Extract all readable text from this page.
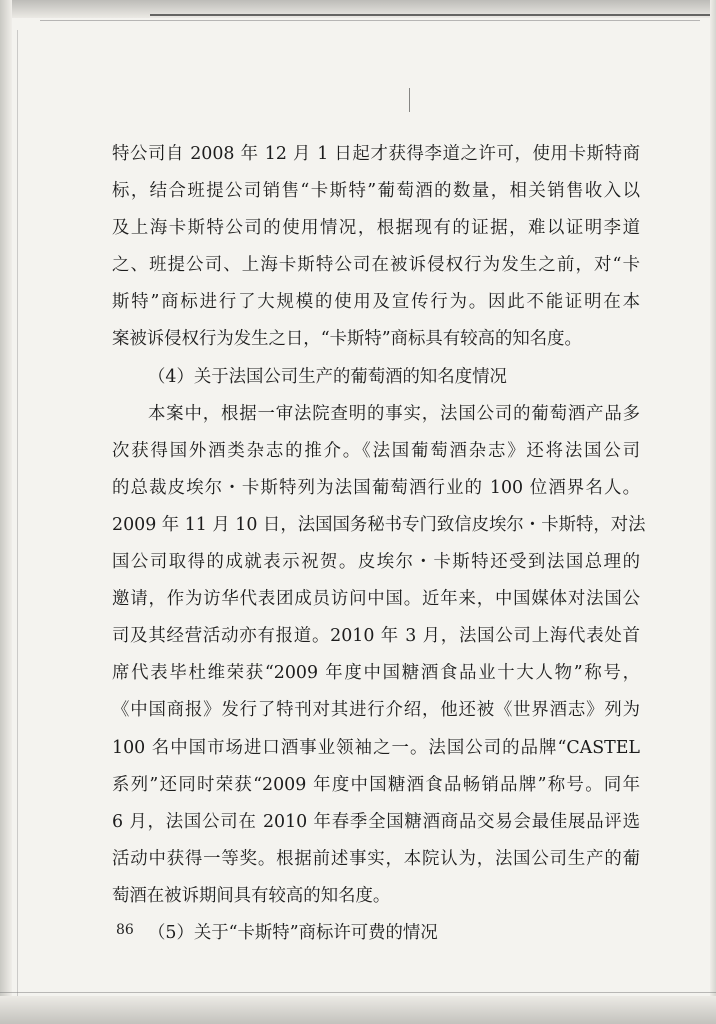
特公司自 2008 年 12 月 1 日起才获得李道之许可，使用卡斯特商
标，结合班提公司销售“卡斯特”葡萄酒的数量，相关销售收入以
及上海卡斯特公司的使用情况，根据现有的证据，难以证明李道
之、班提公司、上海卡斯特公司在被诉侵权行为发生之前，对“卡
斯特”商标进行了大规模的使用及宣传行为。因此不能证明在本
案被诉侵权行为发生之日，“卡斯特”商标具有较高的知名度。
（4）关于法国公司生产的葡萄酒的知名度情况
本案中，根据一审法院查明的事实，法国公司的葡萄酒产品多
次获得国外酒类杂志的推介。《法国葡萄酒杂志》还将法国公司
的总裁皮埃尔・卡斯特列为法国葡萄酒行业的 100 位酒界名人。
2009 年 11 月 10 日，法国国务秘书专门致信皮埃尔・卡斯特，对法
国公司取得的成就表示祝贺。皮埃尔・卡斯特还受到法国总理的
邀请，作为访华代表团成员访问中国。近年来，中国媒体对法国公
司及其经营活动亦有报道。2010 年 3 月，法国公司上海代表处首
席代表毕杜维荣获“2009 年度中国糖酒食品业十大人物”称号，
《中国商报》发行了特刊对其进行介绍，他还被《世界酒志》列为
100 名中国市场进口酒事业领袖之一。法国公司的品牌“CASTEL
系列”还同时荣获“2009 年度中国糖酒食品畅销品牌”称号。同年
6 月，法国公司在 2010 年春季全国糖酒商品交易会最佳展品评选
活动中获得一等奖。根据前述事实，本院认为，法国公司生产的葡
萄酒在被诉期间具有较高的知名度。
（5）关于“卡斯特”商标许可费的情况
86
